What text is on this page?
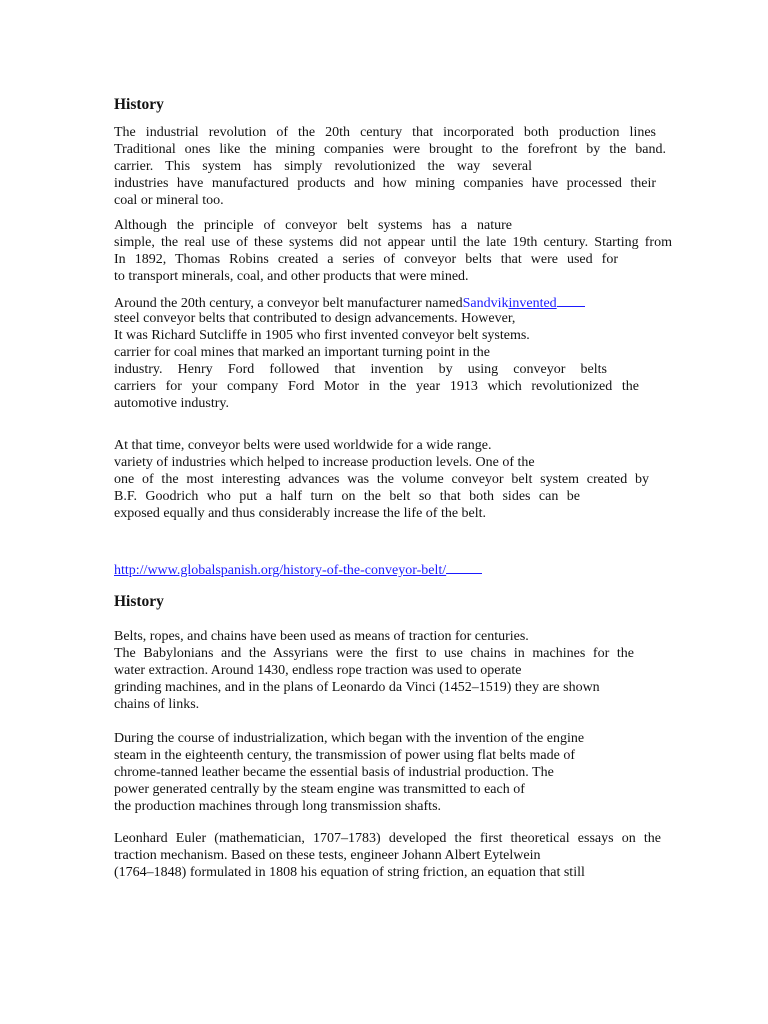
History

The industrial revolution of the 20th century that incorporated both production lines

Traditional ones like the mining companies were brought to the forefront by the band.

carrier. This system has simply revolutionized the way several

industries have manufactured products and how mining companies have processed their

coal or mineral too.

Although the principle of conveyor belt systems has a nature

simple, the real use of these systems did not appear until the late 19th century. Starting from

In 1892, Thomas Robins created a series of conveyor belts that were used for

to transport minerals, coal, and other products that were mined.

Around the 20th century, a conveyor belt manufacturer namedSandvikinvented

steel conveyor belts that contributed to design advancements. However,

It was Richard Sutcliffe in 1905 who first invented conveyor belt systems.

carrier for coal mines that marked an important turning point in the

industry. Henry Ford followed that invention by using conveyor belts

carriers for your company Ford Motor in the year 1913 which revolutionized the

automotive industry.

At that time, conveyor belts were used worldwide for a wide range.

variety of industries which helped to increase production levels. One of the

one of the most interesting advances was the volume conveyor belt system created by

B.F. Goodrich who put a half turn on the belt so that both sides can be

exposed equally and thus considerably increase the life of the belt.

http://www.globalspanish.org/history-of-the-conveyor-belt/
History

Belts, ropes, and chains have been used as means of traction for centuries.

The Babylonians and the Assyrians were the first to use chains in machines for the

water extraction. Around 1430, endless rope traction was used to operate

grinding machines, and in the plans of Leonardo da Vinci (1452–1519) they are shown

chains of links.

During the course of industrialization, which began with the invention of the engine

steam in the eighteenth century, the transmission of power using flat belts made of

chrome-tanned leather became the essential basis of industrial production. The

power generated centrally by the steam engine was transmitted to each of

the production machines through long transmission shafts.

Leonhard Euler (mathematician, 1707–1783) developed the first theoretical essays on the

traction mechanism. Based on these tests, engineer Johann Albert Eytelwein

(1764–1848) formulated in 1808 his equation of string friction, an equation that still
